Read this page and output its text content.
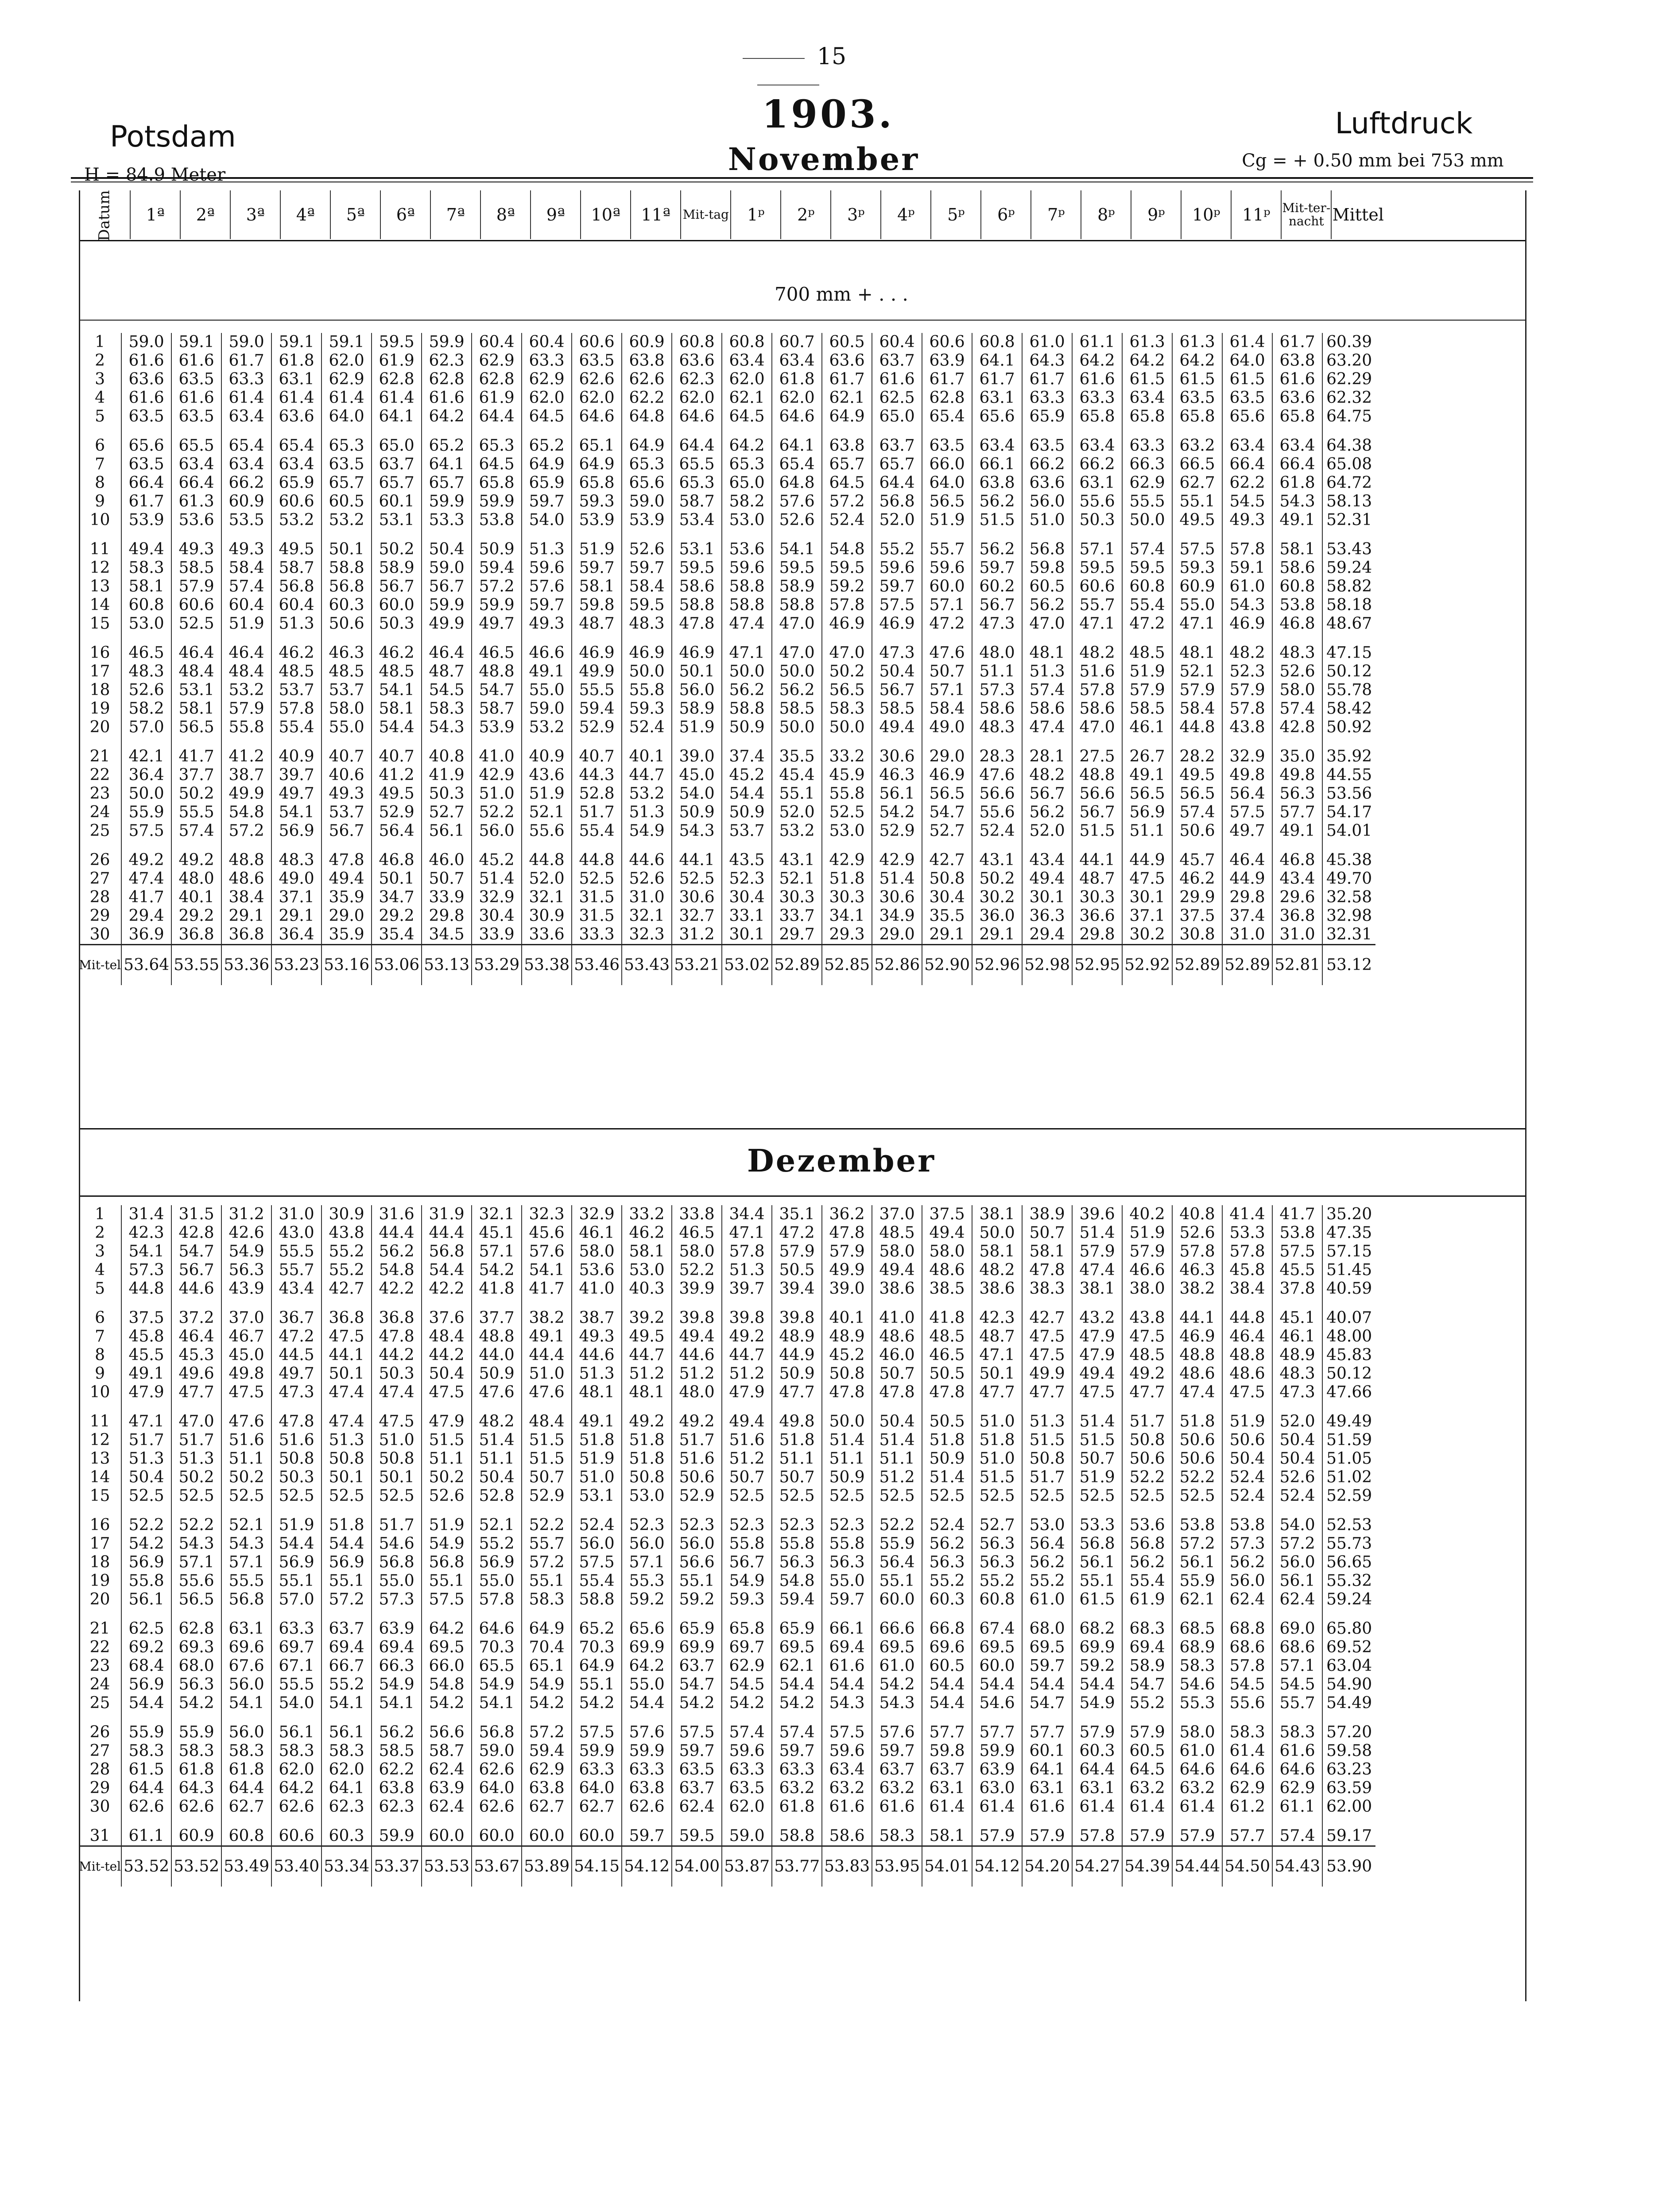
15
Potsdam
H = 84.9 Meter
1903.
November
Luftdruck
Cg = + 0.50 mm bei 753 mm
Datum	1ª	2ª	3ª	4ª	5ª	6ª	7ª	8ª	9ª	10ª	11ª	Mit-tag	1ᵖ	2ᵖ	3ᵖ	4ᵖ	5ᵖ	6ᵖ	7ᵖ	8ᵖ	9ᵖ	10ᵖ	11ᵖ	Mit-ter-nacht	Mittel
700 mm + . . .
1	59.0	59.1	59.0	59.1	59.1	59.5	59.9	60.4	60.4	60.6	60.9	60.8	60.8	60.7	60.5	60.4	60.6	60.8	61.0	61.1	61.3	61.3	61.4	61.7	60.39
2	61.6	61.6	61.7	61.8	62.0	61.9	62.3	62.9	63.3	63.5	63.8	63.6	63.4	63.4	63.6	63.7	63.9	64.1	64.3	64.2	64.2	64.2	64.0	63.8	63.20
3	63.6	63.5	63.3	63.1	62.9	62.8	62.8	62.8	62.9	62.6	62.6	62.3	62.0	61.8	61.7	61.6	61.7	61.7	61.7	61.6	61.5	61.5	61.5	61.6	62.29
4	61.6	61.6	61.4	61.4	61.4	61.4	61.6	61.9	62.0	62.0	62.2	62.0	62.1	62.0	62.1	62.5	62.8	63.1	63.3	63.3	63.4	63.5	63.5	63.6	62.32
5	63.5	63.5	63.4	63.6	64.0	64.1	64.2	64.4	64.5	64.6	64.8	64.6	64.5	64.6	64.9	65.0	65.4	65.6	65.9	65.8	65.8	65.8	65.6	65.8	64.75

6	65.6	65.5	65.4	65.4	65.3	65.0	65.2	65.3	65.2	65.1	64.9	64.4	64.2	64.1	63.8	63.7	63.5	63.4	63.5	63.4	63.3	63.2	63.4	63.4	64.38
7	63.5	63.4	63.4	63.4	63.5	63.7	64.1	64.5	64.9	64.9	65.3	65.5	65.3	65.4	65.7	65.7	66.0	66.1	66.2	66.2	66.3	66.5	66.4	66.4	65.08
8	66.4	66.4	66.2	65.9	65.7	65.7	65.7	65.8	65.9	65.8	65.6	65.3	65.0	64.8	64.5	64.4	64.0	63.8	63.6	63.1	62.9	62.7	62.2	61.8	64.72
9	61.7	61.3	60.9	60.6	60.5	60.1	59.9	59.9	59.7	59.3	59.0	58.7	58.2	57.6	57.2	56.8	56.5	56.2	56.0	55.6	55.5	55.1	54.5	54.3	58.13
10	53.9	53.6	53.5	53.2	53.2	53.1	53.3	53.8	54.0	53.9	53.9	53.4	53.0	52.6	52.4	52.0	51.9	51.5	51.0	50.3	50.0	49.5	49.3	49.1	52.31

11	49.4	49.3	49.3	49.5	50.1	50.2	50.4	50.9	51.3	51.9	52.6	53.1	53.6	54.1	54.8	55.2	55.7	56.2	56.8	57.1	57.4	57.5	57.8	58.1	53.43
12	58.3	58.5	58.4	58.7	58.8	58.9	59.0	59.4	59.6	59.7	59.7	59.5	59.6	59.5	59.5	59.6	59.6	59.7	59.8	59.5	59.5	59.3	59.1	58.6	59.24
13	58.1	57.9	57.4	56.8	56.8	56.7	56.7	57.2	57.6	58.1	58.4	58.6	58.8	58.9	59.2	59.7	60.0	60.2	60.5	60.6	60.8	60.9	61.0	60.8	58.82
14	60.8	60.6	60.4	60.4	60.3	60.0	59.9	59.9	59.7	59.8	59.5	58.8	58.8	58.8	57.8	57.5	57.1	56.7	56.2	55.7	55.4	55.0	54.3	53.8	58.18
15	53.0	52.5	51.9	51.3	50.6	50.3	49.9	49.7	49.3	48.7	48.3	47.8	47.4	47.0	46.9	46.9	47.2	47.3	47.0	47.1	47.2	47.1	46.9	46.8	48.67

16	46.5	46.4	46.4	46.2	46.3	46.2	46.4	46.5	46.6	46.9	46.9	46.9	47.1	47.0	47.0	47.3	47.6	48.0	48.1	48.2	48.5	48.1	48.2	48.3	47.15
17	48.3	48.4	48.4	48.5	48.5	48.5	48.7	48.8	49.1	49.9	50.0	50.1	50.0	50.0	50.2	50.4	50.7	51.1	51.3	51.6	51.9	52.1	52.3	52.6	50.12
18	52.6	53.1	53.2	53.7	53.7	54.1	54.5	54.7	55.0	55.5	55.8	56.0	56.2	56.2	56.5	56.7	57.1	57.3	57.4	57.8	57.9	57.9	57.9	58.0	55.78
19	58.2	58.1	57.9	57.8	58.0	58.1	58.3	58.7	59.0	59.4	59.3	58.9	58.8	58.5	58.3	58.5	58.4	58.6	58.6	58.6	58.5	58.4	57.8	57.4	58.42
20	57.0	56.5	55.8	55.4	55.0	54.4	54.3	53.9	53.2	52.9	52.4	51.9	50.9	50.0	50.0	49.4	49.0	48.3	47.4	47.0	46.1	44.8	43.8	42.8	50.92

21	42.1	41.7	41.2	40.9	40.7	40.7	40.8	41.0	40.9	40.7	40.1	39.0	37.4	35.5	33.2	30.6	29.0	28.3	28.1	27.5	26.7	28.2	32.9	35.0	35.92
22	36.4	37.7	38.7	39.7	40.6	41.2	41.9	42.9	43.6	44.3	44.7	45.0	45.2	45.4	45.9	46.3	46.9	47.6	48.2	48.8	49.1	49.5	49.8	49.8	44.55
23	50.0	50.2	49.9	49.7	49.3	49.5	50.3	51.0	51.9	52.8	53.2	54.0	54.4	55.1	55.8	56.1	56.5	56.6	56.7	56.6	56.5	56.5	56.4	56.3	53.56
24	55.9	55.5	54.8	54.1	53.7	52.9	52.7	52.2	52.1	51.7	51.3	50.9	50.9	52.0	52.5	54.2	54.7	55.6	56.2	56.7	56.9	57.4	57.5	57.7	54.17
25	57.5	57.4	57.2	56.9	56.7	56.4	56.1	56.0	55.6	55.4	54.9	54.3	53.7	53.2	53.0	52.9	52.7	52.4	52.0	51.5	51.1	50.6	49.7	49.1	54.01

26	49.2	49.2	48.8	48.3	47.8	46.8	46.0	45.2	44.8	44.8	44.6	44.1	43.5	43.1	42.9	42.9	42.7	43.1	43.4	44.1	44.9	45.7	46.4	46.8	45.38
27	47.4	48.0	48.6	49.0	49.4	50.1	50.7	51.4	52.0	52.5	52.6	52.5	52.3	52.1	51.8	51.4	50.8	50.2	49.4	48.7	47.5	46.2	44.9	43.4	49.70
28	41.7	40.1	38.4	37.1	35.9	34.7	33.9	32.9	32.1	31.5	31.0	30.6	30.4	30.3	30.3	30.6	30.4	30.2	30.1	30.3	30.1	29.9	29.8	29.6	32.58
29	29.4	29.2	29.1	29.1	29.0	29.2	29.8	30.4	30.9	31.5	32.1	32.7	33.1	33.7	34.1	34.9	35.5	36.0	36.3	36.6	37.1	37.5	37.4	36.8	32.98
30	36.9	36.8	36.8	36.4	35.9	35.4	34.5	33.9	33.6	33.3	32.3	31.2	30.1	29.7	29.3	29.0	29.1	29.1	29.4	29.8	30.2	30.8	31.0	31.0	32.31
Mit-tel	53.64	53.55	53.36	53.23	53.16	53.06	53.13	53.29	53.38	53.46	53.43	53.21	53.02	52.89	52.85	52.86	52.90	52.96	52.98	52.95	52.92	52.89	52.89	52.81	53.12
Dezember
1	31.4	31.5	31.2	31.0	30.9	31.6	31.9	32.1	32.3	32.9	33.2	33.8	34.4	35.1	36.2	37.0	37.5	38.1	38.9	39.6	40.2	40.8	41.4	41.7	35.20
2	42.3	42.8	42.6	43.0	43.8	44.4	44.4	45.1	45.6	46.1	46.2	46.5	47.1	47.2	47.8	48.5	49.4	50.0	50.7	51.4	51.9	52.6	53.3	53.8	47.35
3	54.1	54.7	54.9	55.5	55.2	56.2	56.8	57.1	57.6	58.0	58.1	58.0	57.8	57.9	57.9	58.0	58.0	58.1	58.1	57.9	57.9	57.8	57.8	57.5	57.15
4	57.3	56.7	56.3	55.7	55.2	54.8	54.4	54.2	54.1	53.6	53.0	52.2	51.3	50.5	49.9	49.4	48.6	48.2	47.8	47.4	46.6	46.3	45.8	45.5	51.45
5	44.8	44.6	43.9	43.4	42.7	42.2	42.2	41.8	41.7	41.0	40.3	39.9	39.7	39.4	39.0	38.6	38.5	38.6	38.3	38.1	38.0	38.2	38.4	37.8	40.59

6	37.5	37.2	37.0	36.7	36.8	36.8	37.6	37.7	38.2	38.7	39.2	39.8	39.8	39.8	40.1	41.0	41.8	42.3	42.7	43.2	43.8	44.1	44.8	45.1	40.07
7	45.8	46.4	46.7	47.2	47.5	47.8	48.4	48.8	49.1	49.3	49.5	49.4	49.2	48.9	48.9	48.6	48.5	48.7	47.5	47.9	47.5	46.9	46.4	46.1	48.00
8	45.5	45.3	45.0	44.5	44.1	44.2	44.2	44.0	44.4	44.6	44.7	44.6	44.7	44.9	45.2	46.0	46.5	47.1	47.5	47.9	48.5	48.8	48.8	48.9	45.83
9	49.1	49.6	49.8	49.7	50.1	50.3	50.4	50.9	51.0	51.3	51.2	51.2	51.2	50.9	50.8	50.7	50.5	50.1	49.9	49.4	49.2	48.6	48.6	48.3	50.12
10	47.9	47.7	47.5	47.3	47.4	47.4	47.5	47.6	47.6	48.1	48.1	48.0	47.9	47.7	47.8	47.8	47.8	47.7	47.7	47.5	47.7	47.4	47.5	47.3	47.66

11	47.1	47.0	47.6	47.8	47.4	47.5	47.9	48.2	48.4	49.1	49.2	49.2	49.4	49.8	50.0	50.4	50.5	51.0	51.3	51.4	51.7	51.8	51.9	52.0	49.49
12	51.7	51.7	51.6	51.6	51.3	51.0	51.5	51.4	51.5	51.8	51.8	51.7	51.6	51.8	51.4	51.4	51.8	51.8	51.5	51.5	50.8	50.6	50.6	50.4	51.59
13	51.3	51.3	51.1	50.8	50.8	50.8	51.1	51.1	51.5	51.9	51.8	51.6	51.2	51.1	51.1	51.1	50.9	51.0	50.8	50.7	50.6	50.6	50.4	50.4	51.05
14	50.4	50.2	50.2	50.3	50.1	50.1	50.2	50.4	50.7	51.0	50.8	50.6	50.7	50.7	50.9	51.2	51.4	51.5	51.7	51.9	52.2	52.2	52.4	52.6	51.02
15	52.5	52.5	52.5	52.5	52.5	52.5	52.6	52.8	52.9	53.1	53.0	52.9	52.5	52.5	52.5	52.5	52.5	52.5	52.5	52.5	52.5	52.5	52.4	52.4	52.59

16	52.2	52.2	52.1	51.9	51.8	51.7	51.9	52.1	52.2	52.4	52.3	52.3	52.3	52.3	52.3	52.2	52.4	52.7	53.0	53.3	53.6	53.8	53.8	54.0	52.53
17	54.2	54.3	54.3	54.4	54.4	54.6	54.9	55.2	55.7	56.0	56.0	56.0	55.8	55.8	55.8	55.9	56.2	56.3	56.4	56.8	56.8	57.2	57.3	57.2	55.73
18	56.9	57.1	57.1	56.9	56.9	56.8	56.8	56.9	57.2	57.5	57.1	56.6	56.7	56.3	56.3	56.4	56.3	56.3	56.2	56.1	56.2	56.1	56.2	56.0	56.65
19	55.8	55.6	55.5	55.1	55.1	55.0	55.1	55.0	55.1	55.4	55.3	55.1	54.9	54.8	55.0	55.1	55.2	55.2	55.2	55.1	55.4	55.9	56.0	56.1	55.32
20	56.1	56.5	56.8	57.0	57.2	57.3	57.5	57.8	58.3	58.8	59.2	59.2	59.3	59.4	59.7	60.0	60.3	60.8	61.0	61.5	61.9	62.1	62.4	62.4	59.24

21	62.5	62.8	63.1	63.3	63.7	63.9	64.2	64.6	64.9	65.2	65.6	65.9	65.8	65.9	66.1	66.6	66.8	67.4	68.0	68.2	68.3	68.5	68.8	69.0	65.80
22	69.2	69.3	69.6	69.7	69.4	69.4	69.5	70.3	70.4	70.3	69.9	69.9	69.7	69.5	69.4	69.5	69.6	69.5	69.5	69.9	69.4	68.9	68.6	68.6	69.52
23	68.4	68.0	67.6	67.1	66.7	66.3	66.0	65.5	65.1	64.9	64.2	63.7	62.9	62.1	61.6	61.0	60.5	60.0	59.7	59.2	58.9	58.3	57.8	57.1	63.04
24	56.9	56.3	56.0	55.5	55.2	54.9	54.8	54.9	54.9	55.1	55.0	54.7	54.5	54.4	54.4	54.2	54.4	54.4	54.4	54.4	54.7	54.6	54.5	54.5	54.90
25	54.4	54.2	54.1	54.0	54.1	54.1	54.2	54.1	54.2	54.2	54.4	54.2	54.2	54.2	54.3	54.3	54.4	54.6	54.7	54.9	55.2	55.3	55.6	55.7	54.49

26	55.9	55.9	56.0	56.1	56.1	56.2	56.6	56.8	57.2	57.5	57.6	57.5	57.4	57.4	57.5	57.6	57.7	57.7	57.7	57.9	57.9	58.0	58.3	58.3	57.20
27	58.3	58.3	58.3	58.3	58.3	58.5	58.7	59.0	59.4	59.9	59.9	59.7	59.6	59.7	59.6	59.7	59.8	59.9	60.1	60.3	60.5	61.0	61.4	61.6	59.58
28	61.5	61.8	61.8	62.0	62.0	62.2	62.4	62.6	62.9	63.3	63.3	63.5	63.3	63.3	63.4	63.7	63.7	63.9	64.1	64.4	64.5	64.6	64.6	64.6	63.23
29	64.4	64.3	64.4	64.2	64.1	63.8	63.9	64.0	63.8	64.0	63.8	63.7	63.5	63.2	63.2	63.2	63.1	63.0	63.1	63.1	63.2	63.2	62.9	62.9	63.59
30	62.6	62.6	62.7	62.6	62.3	62.3	62.4	62.6	62.7	62.7	62.6	62.4	62.0	61.8	61.6	61.6	61.4	61.4	61.6	61.4	61.4	61.4	61.2	61.1	62.00

31	61.1	60.9	60.8	60.6	60.3	59.9	60.0	60.0	60.0	60.0	59.7	59.5	59.0	58.8	58.6	58.3	58.1	57.9	57.9	57.8	57.9	57.9	57.7	57.4	59.17
Mit-tel	53.52	53.52	53.49	53.40	53.34	53.37	53.53	53.67	53.89	54.15	54.12	54.00	53.87	53.77	53.83	53.95	54.01	54.12	54.20	54.27	54.39	54.44	54.50	54.43	53.90
